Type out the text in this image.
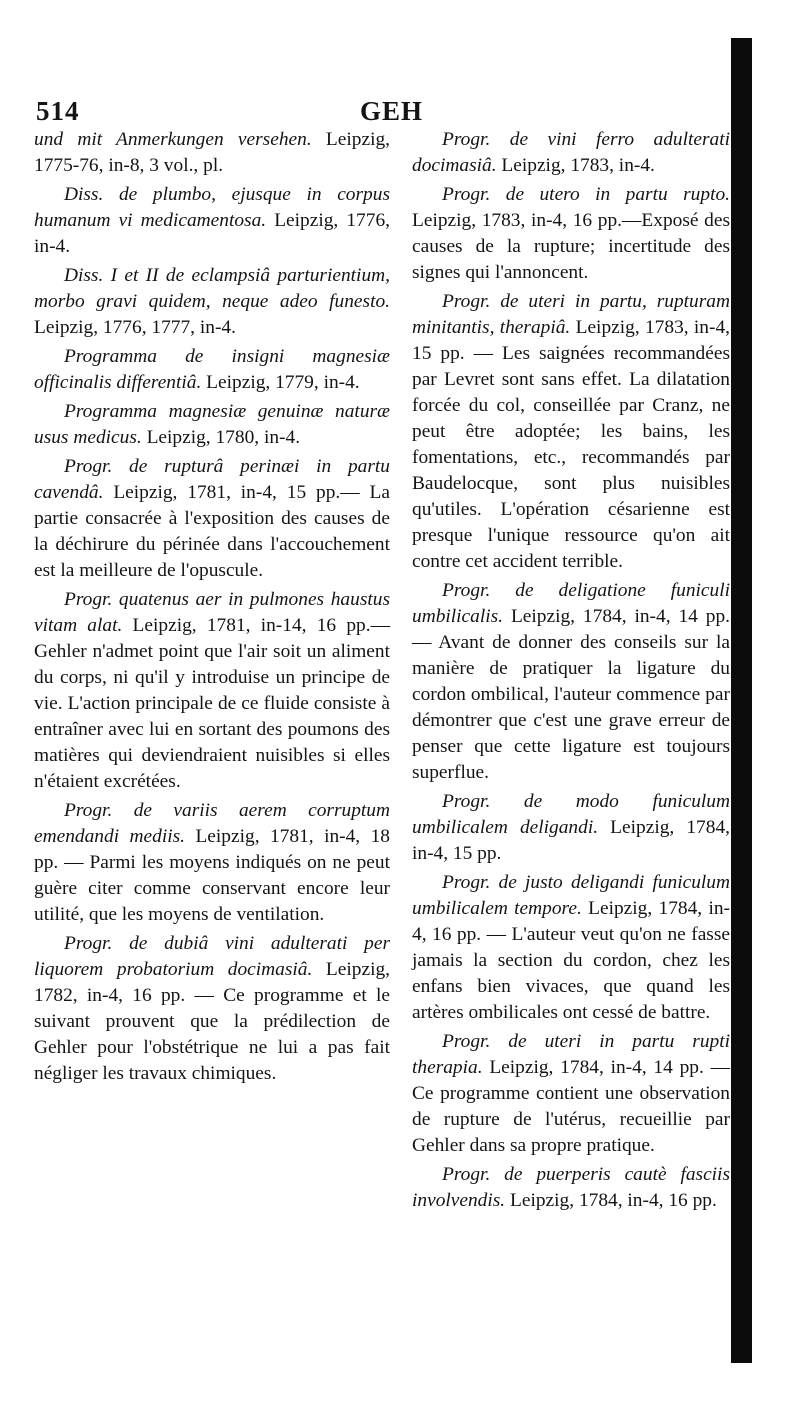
514	GEH

und mit Anmerkungen versehen. Leipzig, 1775-76, in-8, 3 vol., pl.

Diss. de plumbo, ejusque in corpus humanum vi medicamentosa. Leipzig, 1776, in-4.

Diss. I et II de eclampsiâ parturientium, morbo gravi quidem, neque adeo funesto. Leipzig, 1776, 1777, in-4.

Programma de insigni magnesiæ officinalis differentiâ. Leipzig, 1779, in-4.

Programma magnesiæ genuinæ naturæ usus medicus. Leipzig, 1780, in-4.

Progr. de rupturâ perinæi in partu cavendâ. Leipzig, 1781, in-4, 15 pp.— La partie consacrée à l'exposition des causes de la déchirure du périnée dans l'accouchement est la meilleure de l'opuscule.

Progr. quatenus aer in pulmones haustus vitam alat. Leipzig, 1781, in-14, 16 pp.—Gehler n'admet point que l'air soit un aliment du corps, ni qu'il y introduise un principe de vie. L'action principale de ce fluide consiste à entraîner avec lui en sortant des poumons des matières qui deviendraient nuisibles si elles n'étaient excrétées.

Progr. de variis aerem corruptum emendandi mediis. Leipzig, 1781, in-4, 18 pp. — Parmi les moyens indiqués on ne peut guère citer comme conservant encore leur utilité, que les moyens de ventilation.

Progr. de dubiâ vini adulterati per liquorem probatorium docimasiâ. Leipzig, 1782, in-4, 16 pp. — Ce programme et le suivant prouvent que la prédilection de Gehler pour l'obstétrique ne lui a pas fait négliger les travaux chimiques.

Progr. de vini ferro adulterati docimasiâ. Leipzig, 1783, in-4.

Progr. de utero in partu rupto. Leipzig, 1783, in-4, 16 pp.—Exposé des causes de la rupture; incertitude des signes qui l'annoncent.

Progr. de uteri in partu, rupturam minitantis, therapiâ. Leipzig, 1783, in-4, 15 pp. — Les saignées recommandées par Levret sont sans effet. La dilatation forcée du col, conseillée par Cranz, ne peut être adoptée; les bains, les fomentations, etc., recommandés par Baudelocque, sont plus nuisibles qu'utiles. L'opération césarienne est presque l'unique ressource qu'on ait contre cet accident terrible.

Progr. de deligatione funiculi umbilicalis. Leipzig, 1784, in-4, 14 pp. — Avant de donner des conseils sur la manière de pratiquer la ligature du cordon ombilical, l'auteur commence par démontrer que c'est une grave erreur de penser que cette ligature est toujours superflue.

Progr. de modo funiculum umbilicalem deligandi. Leipzig, 1784, in-4, 15 pp.

Progr. de justo deligandi funiculum umbilicalem tempore. Leipzig, 1784, in-4, 16 pp. — L'auteur veut qu'on ne fasse jamais la section du cordon, chez les enfans bien vivaces, que quand les artères ombilicales ont cessé de battre.

Progr. de uteri in partu rupti therapia. Leipzig, 1784, in-4, 14 pp. — Ce programme contient une observation de rupture de l'utérus, recueillie par Gehler dans sa propre pratique.

Progr. de puerperis cautè fasciis involvendis. Leipzig, 1784, in-4, 16 pp.
